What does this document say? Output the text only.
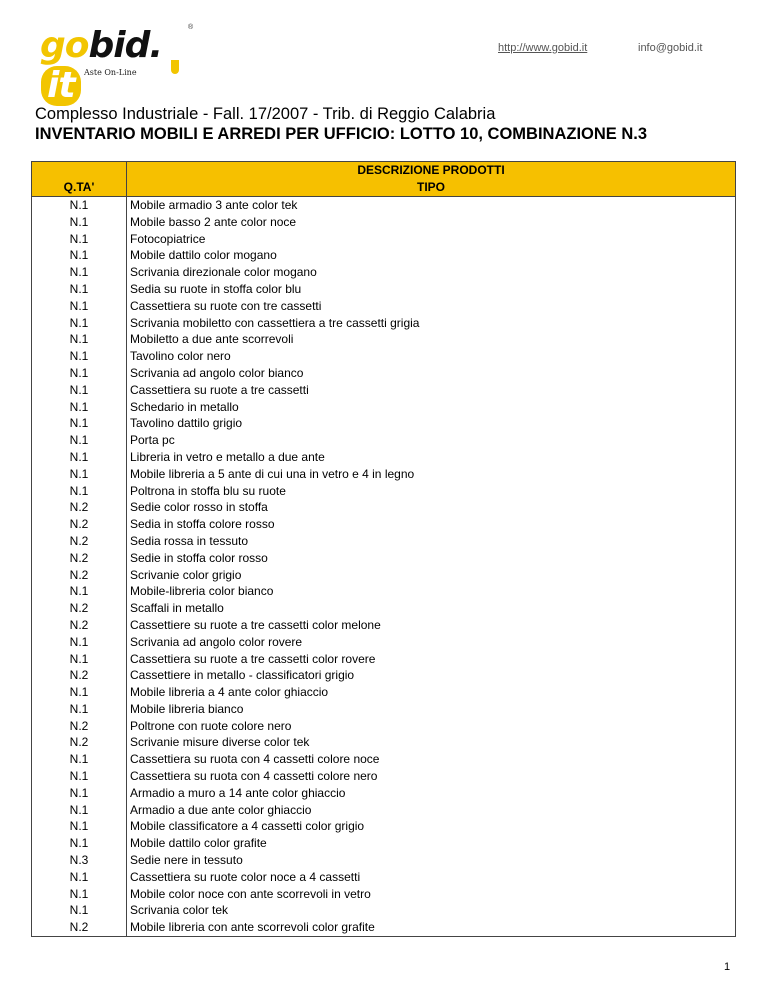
gobid.it
®
Aste On-Line
http://www.gobid.it	info@gobid.it
Complesso Industriale - Fall. 17/2007 - Trib. di Reggio Calabria
INVENTARIO MOBILI E ARREDI PER UFFICIO: LOTTO 10, COMBINAZIONE N.3
	DESCRIZIONE PRODOTTI
Q.TA'	TIPO
N.1	Mobile armadio 3 ante color tek
N.1	Mobile basso 2 ante color noce
N.1	Fotocopiatrice
N.1	Mobile dattilo color mogano
N.1	Scrivania direzionale color mogano
N.1	Sedia su ruote in stoffa color blu
N.1	Cassettiera su ruote con tre cassetti
N.1	Scrivania mobiletto con cassettiera a tre cassetti grigia
N.1	Mobiletto a due ante scorrevoli
N.1	Tavolino color nero
N.1	Scrivania ad angolo color bianco
N.1	Cassettiera su ruote a tre cassetti
N.1	Schedario in metallo
N.1	Tavolino dattilo grigio
N.1	Porta pc
N.1	Libreria in vetro e metallo a due ante
N.1	Mobile libreria a 5 ante di cui una in vetro e 4 in legno
N.1	Poltrona in stoffa blu su ruote
N.2	Sedie color rosso in stoffa
N.2	Sedia in stoffa colore rosso
N.2	Sedia rossa in tessuto
N.2	Sedie in stoffa color rosso
N.2	Scrivanie color grigio
N.1	Mobile-libreria color bianco
N.2	Scaffali in metallo
N.2	Cassettiere su ruote a tre cassetti color melone
N.1	Scrivania ad angolo color rovere
N.1	Cassettiera su ruote a tre cassetti color rovere
N.2	Cassettiere in metallo - classificatori grigio
N.1	Mobile libreria a 4 ante color ghiaccio
N.1	Mobile libreria bianco
N.2	Poltrone con ruote colore nero
N.2	Scrivanie misure diverse color tek
N.1	Cassettiera su ruota con 4 cassetti colore noce
N.1	Cassettiera su ruota con 4 cassetti colore nero
N.1	Armadio a muro a 14 ante color ghiaccio
N.1	Armadio a due ante color ghiaccio
N.1	Mobile classificatore a 4 cassetti color grigio
N.1	Mobile dattilo color grafite
N.3	Sedie nere in tessuto
N.1	Cassettiera su ruote color noce a 4 cassetti
N.1	Mobile color noce con ante scorrevoli in vetro
N.1	Scrivania color tek
N.2	Mobile libreria con ante scorrevoli color grafite
1
